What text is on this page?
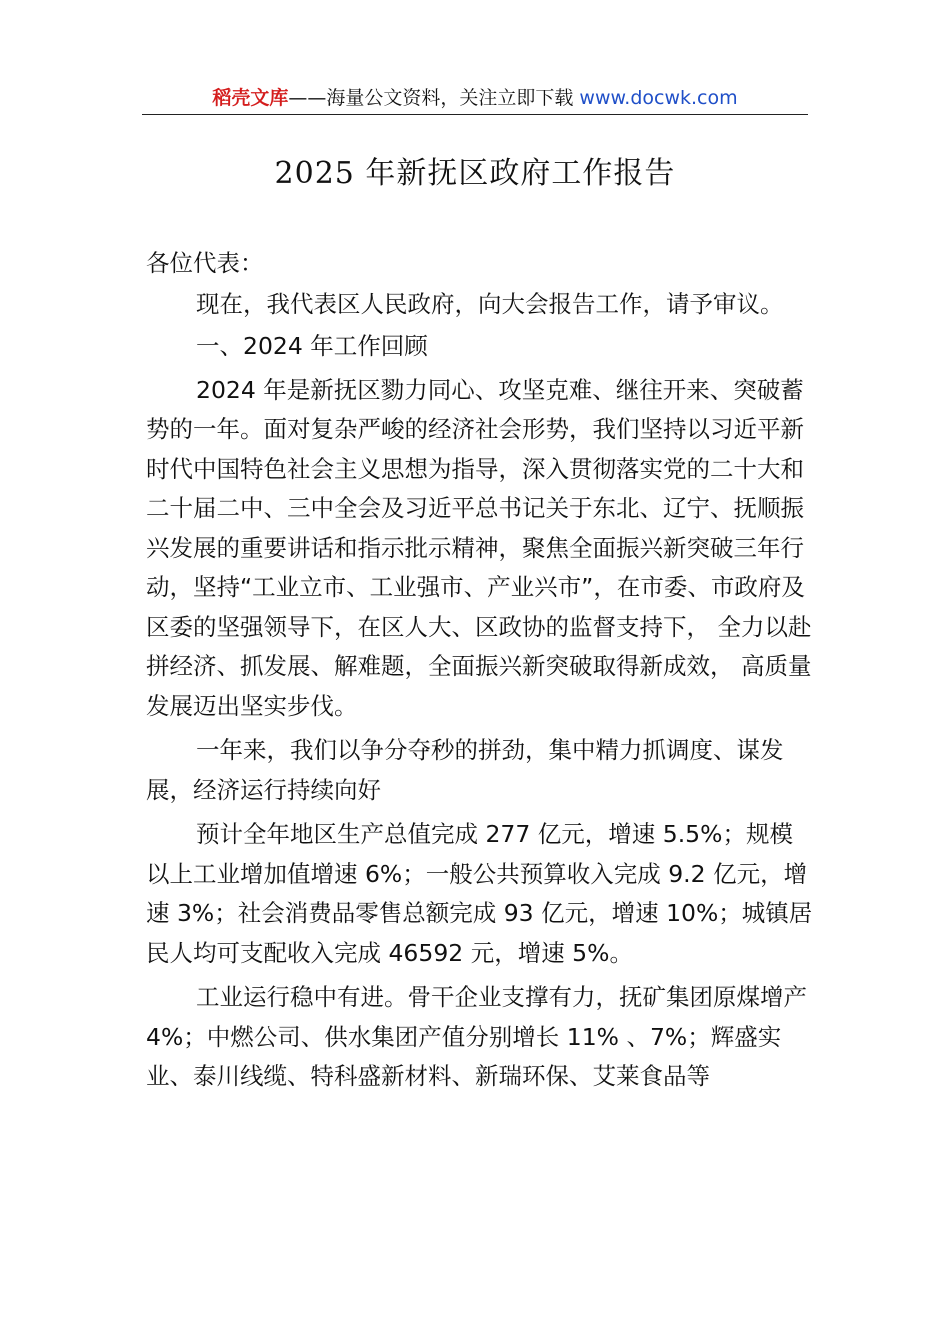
稻壳文库——海量公文资料，关注立即下载 www.docwk.com
2025 年新抚区政府工作报告

各位代表：

现在，我代表区人民政府，向大会报告工作，请予审议。

一、2024 年工作回顾

2024 年是新抚区勠力同心、攻坚克难、继往开来、突破蓄势的一年。面对复杂严峻的经济社会形势，我们坚持以习近平新时代中国特色社会主义思想为指导，深入贯彻落实党的二十大和二十届二中、三中全会及习近平总书记关于东北、辽宁、抚顺振兴发展的重要讲话和指示批示精神，聚焦全面振兴新突破三年行动，坚持“工业立市、工业强市、产业兴市”，在市委、市政府及区委的坚强领导下，在区人大、区政协的监督支持下， 全力以赴拼经济、抓发展、解难题，全面振兴新突破取得新成效， 高质量发展迈出坚实步伐。

一年来，我们以争分夺秒的拼劲，集中精力抓调度、谋发展，经济运行持续向好

预计全年地区生产总值完成 277 亿元，增速 5.5%；规模以上工业增加值增速 6%；一般公共预算收入完成 9.2 亿元，增速 3%；社会消费品零售总额完成 93 亿元，增速 10%；城镇居民人均可支配收入完成 46592 元，增速 5%。

工业运行稳中有进。骨干企业支撑有力，抚矿集团原煤增产 4%；中燃公司、供水集团产值分别增长 11% 、7%；辉盛实业、泰川线缆、特科盛新材料、新瑞环保、艾莱食品等
